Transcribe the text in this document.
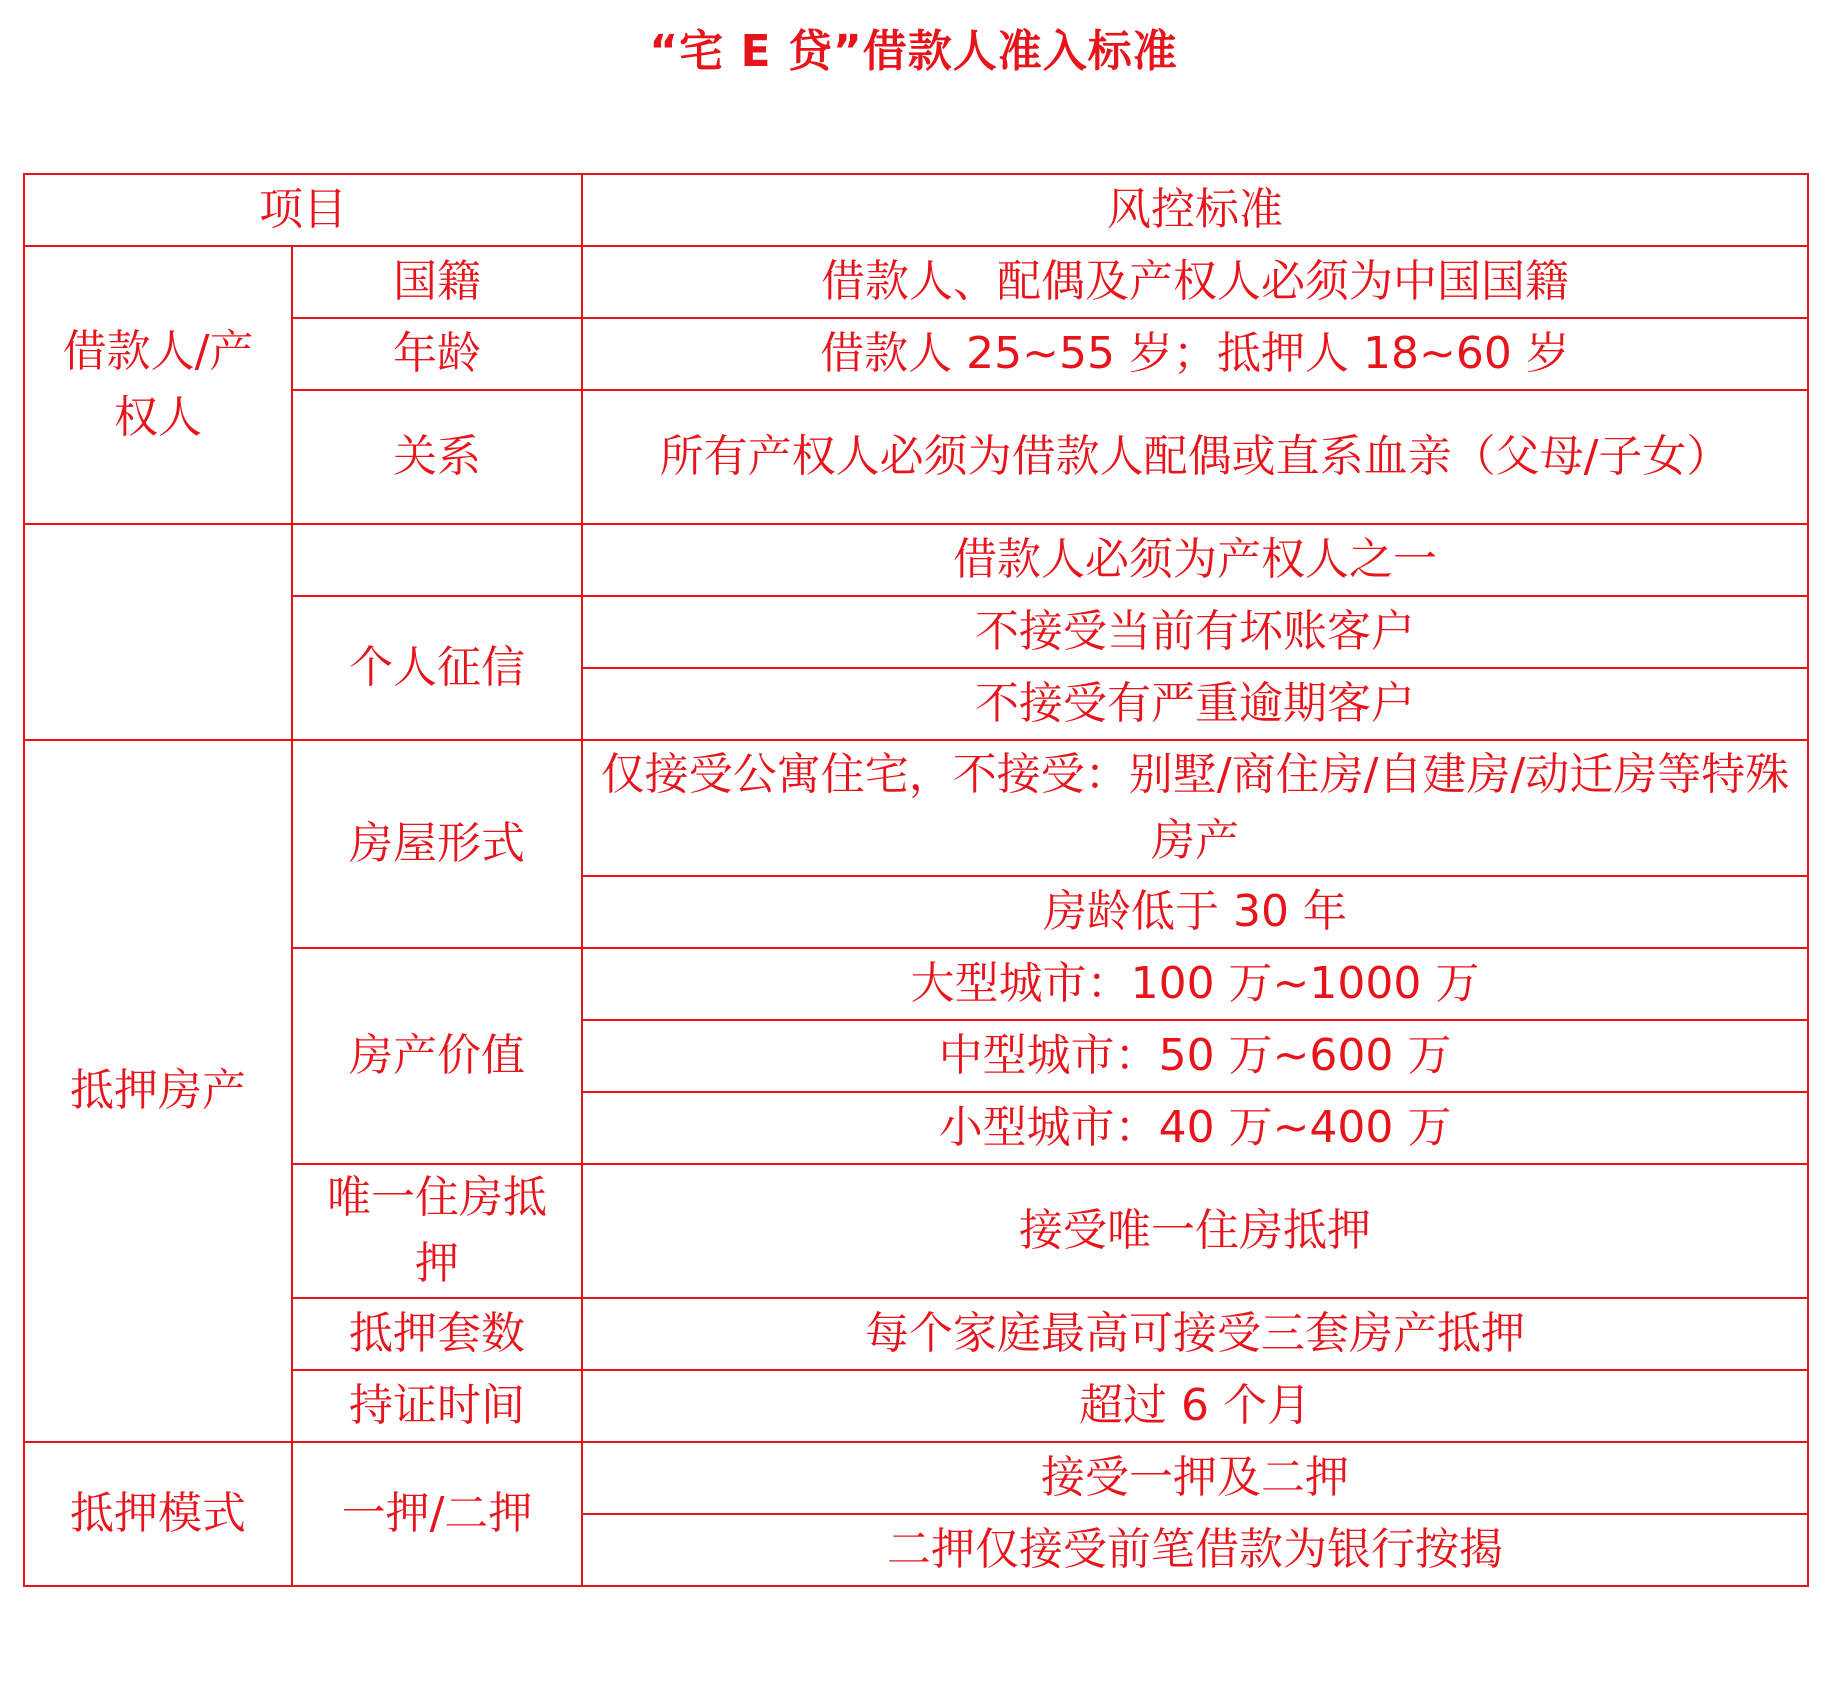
“宅 E 贷”借款人准入标准
项目		风控标准
借款人/产权人	国籍	借款人、配偶及产权人必须为中国国籍
	年龄	借款人 25~55 岁；抵押人 18~60 岁
	关系	所有产权人必须为借款人配偶或直系血亲（父母/子女）
		借款人必须为产权人之一
	个人征信	不接受当前有坏账客户
		不接受有严重逾期客户
抵押房产	房屋形式	仅接受公寓住宅，不接受：别墅/商住房/自建房/动迁房等特殊房产
		房龄低于 30 年
	房产价值	大型城市：100 万~1000 万
		中型城市：50 万~600 万
		小型城市：40 万~400 万
	唯一住房抵押	接受唯一住房抵押
	抵押套数	每个家庭最高可接受三套房产抵押
	持证时间	超过 6 个月
抵押模式	一押/二押	接受一押及二押
		二押仅接受前笔借款为银行按揭
